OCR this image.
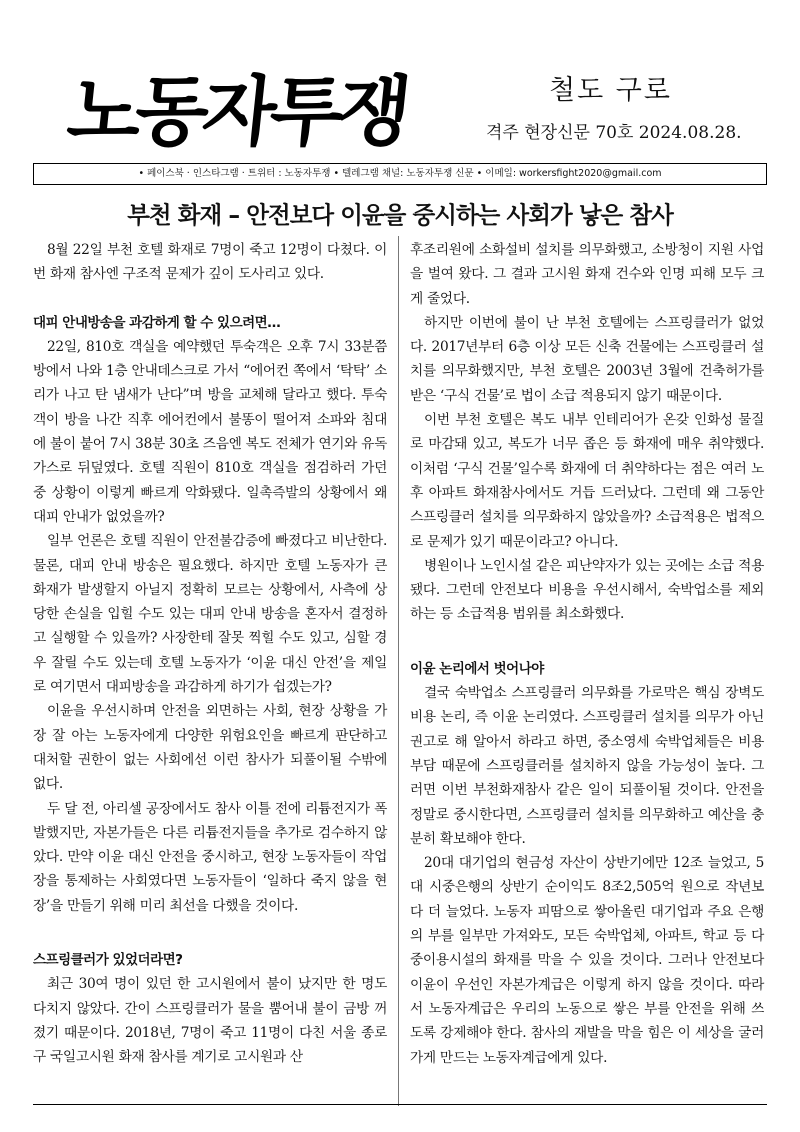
노동자투쟁	철도 구로
격주 현장신문 70호 2024.08.28.
• 페이스북 · 인스타그램 · 트위터 : 노동자투쟁 • 텔레그램 채널: 노동자투쟁 신문 • 이메일: workersfight2020@gmail.com
부천 화재 – 안전보다 이윤을 중시하는 사회가 낳은 참사

8월 22일 부천 호텔 화재로 7명이 죽고 12명이 다쳤다. 이번 화재 참사엔 구조적 문제가 깊이 도사리고 있다.

대피 안내방송을 과감하게 할 수 있으려면…

22일, 810호 객실을 예약했던 투숙객은 오후 7시 33분쯤 방에서 나와 1층 안내데스크로 가서 “에어컨 쪽에서 ‘탁탁’ 소리가 나고 탄 냄새가 난다”며 방을 교체해 달라고 했다. 투숙객이 방을 나간 직후 에어컨에서 불똥이 떨어져 소파와 침대에 불이 붙어 7시 38분 30초 즈음엔 복도 전체가 연기와 유독가스로 뒤덮였다. 호텔 직원이 810호 객실을 점검하러 가던 중 상황이 이렇게 빠르게 악화됐다. 일촉즉발의 상황에서 왜 대피 안내가 없었을까?

일부 언론은 호텔 직원이 안전불감증에 빠졌다고 비난한다. 물론, 대피 안내 방송은 필요했다. 하지만 호텔 노동자가 큰 화재가 발생할지 아닐지 정확히 모르는 상황에서, 사측에 상당한 손실을 입힐 수도 있는 대피 안내 방송을 혼자서 결정하고 실행할 수 있을까? 사장한테 잘못 찍힐 수도 있고, 심할 경우 잘릴 수도 있는데 호텔 노동자가 ‘이윤 대신 안전’을 제일로 여기면서 대피방송을 과감하게 하기가 쉽겠는가?

이윤을 우선시하며 안전을 외면하는 사회, 현장 상황을 가장 잘 아는 노동자에게 다양한 위험요인을 빠르게 판단하고 대처할 권한이 없는 사회에선 이런 참사가 되풀이될 수밖에 없다.

두 달 전, 아리셀 공장에서도 참사 이틀 전에 리튬전지가 폭발했지만, 자본가들은 다른 리튬전지들을 추가로 검수하지 않았다. 만약 이윤 대신 안전을 중시하고, 현장 노동자들이 작업장을 통제하는 사회였다면 노동자들이 ‘일하다 죽지 않을 현장’을 만들기 위해 미리 최선을 다했을 것이다.

스프링클러가 있었더라면?

최근 30여 명이 있던 한 고시원에서 불이 났지만 한 명도 다치지 않았다. 간이 스프링클러가 물을 뿜어내 불이 금방 꺼졌기 때문이다. 2018년, 7명이 죽고 11명이 다친 서울 종로구 국일고시원 화재 참사를 계기로 고시원과 산

후조리원에 소화설비 설치를 의무화했고, 소방청이 지원 사업을 벌여 왔다. 그 결과 고시원 화재 건수와 인명 피해 모두 크게 줄었다.

하지만 이번에 불이 난 부천 호텔에는 스프링클러가 없었다. 2017년부터 6층 이상 모든 신축 건물에는 스프링클러 설치를 의무화했지만, 부천 호텔은 2003년 3월에 건축허가를 받은 ‘구식 건물’로 법이 소급 적용되지 않기 때문이다.

이번 부천 호텔은 복도 내부 인테리어가 온갖 인화성 물질로 마감돼 있고, 복도가 너무 좁은 등 화재에 매우 취약했다. 이처럼 ‘구식 건물’일수록 화재에 더 취약하다는 점은 여러 노후 아파트 화재참사에서도 거듭 드러났다. 그런데 왜 그동안 스프링클러 설치를 의무화하지 않았을까? 소급적용은 법적으로 문제가 있기 때문이라고? 아니다.

병원이나 노인시설 같은 피난약자가 있는 곳에는 소급 적용됐다. 그런데 안전보다 비용을 우선시해서, 숙박업소를 제외하는 등 소급적용 범위를 최소화했다.

이윤 논리에서 벗어나야

결국 숙박업소 스프링클러 의무화를 가로막은 핵심 장벽도 비용 논리, 즉 이윤 논리였다. 스프링클러 설치를 의무가 아닌 권고로 해 알아서 하라고 하면, 중소영세 숙박업체들은 비용 부담 때문에 스프링클러를 설치하지 않을 가능성이 높다. 그러면 이번 부천화재참사 같은 일이 되풀이될 것이다. 안전을 정말로 중시한다면, 스프링클러 설치를 의무화하고 예산을 충분히 확보해야 한다.

20대 대기업의 현금성 자산이 상반기에만 12조 늘었고, 5대 시중은행의 상반기 순이익도 8조2,505억 원으로 작년보다 더 늘었다. 노동자 피땀으로 쌓아올린 대기업과 주요 은행의 부를 일부만 가져와도, 모든 숙박업체, 아파트, 학교 등 다중이용시설의 화재를 막을 수 있을 것이다. 그러나 안전보다 이윤이 우선인 자본가계급은 이렇게 하지 않을 것이다. 따라서 노동자계급은 우리의 노동으로 쌓은 부를 안전을 위해 쓰도록 강제해야 한다. 참사의 재발을 막을 힘은 이 세상을 굴러가게 만드는 노동자계급에게 있다.
